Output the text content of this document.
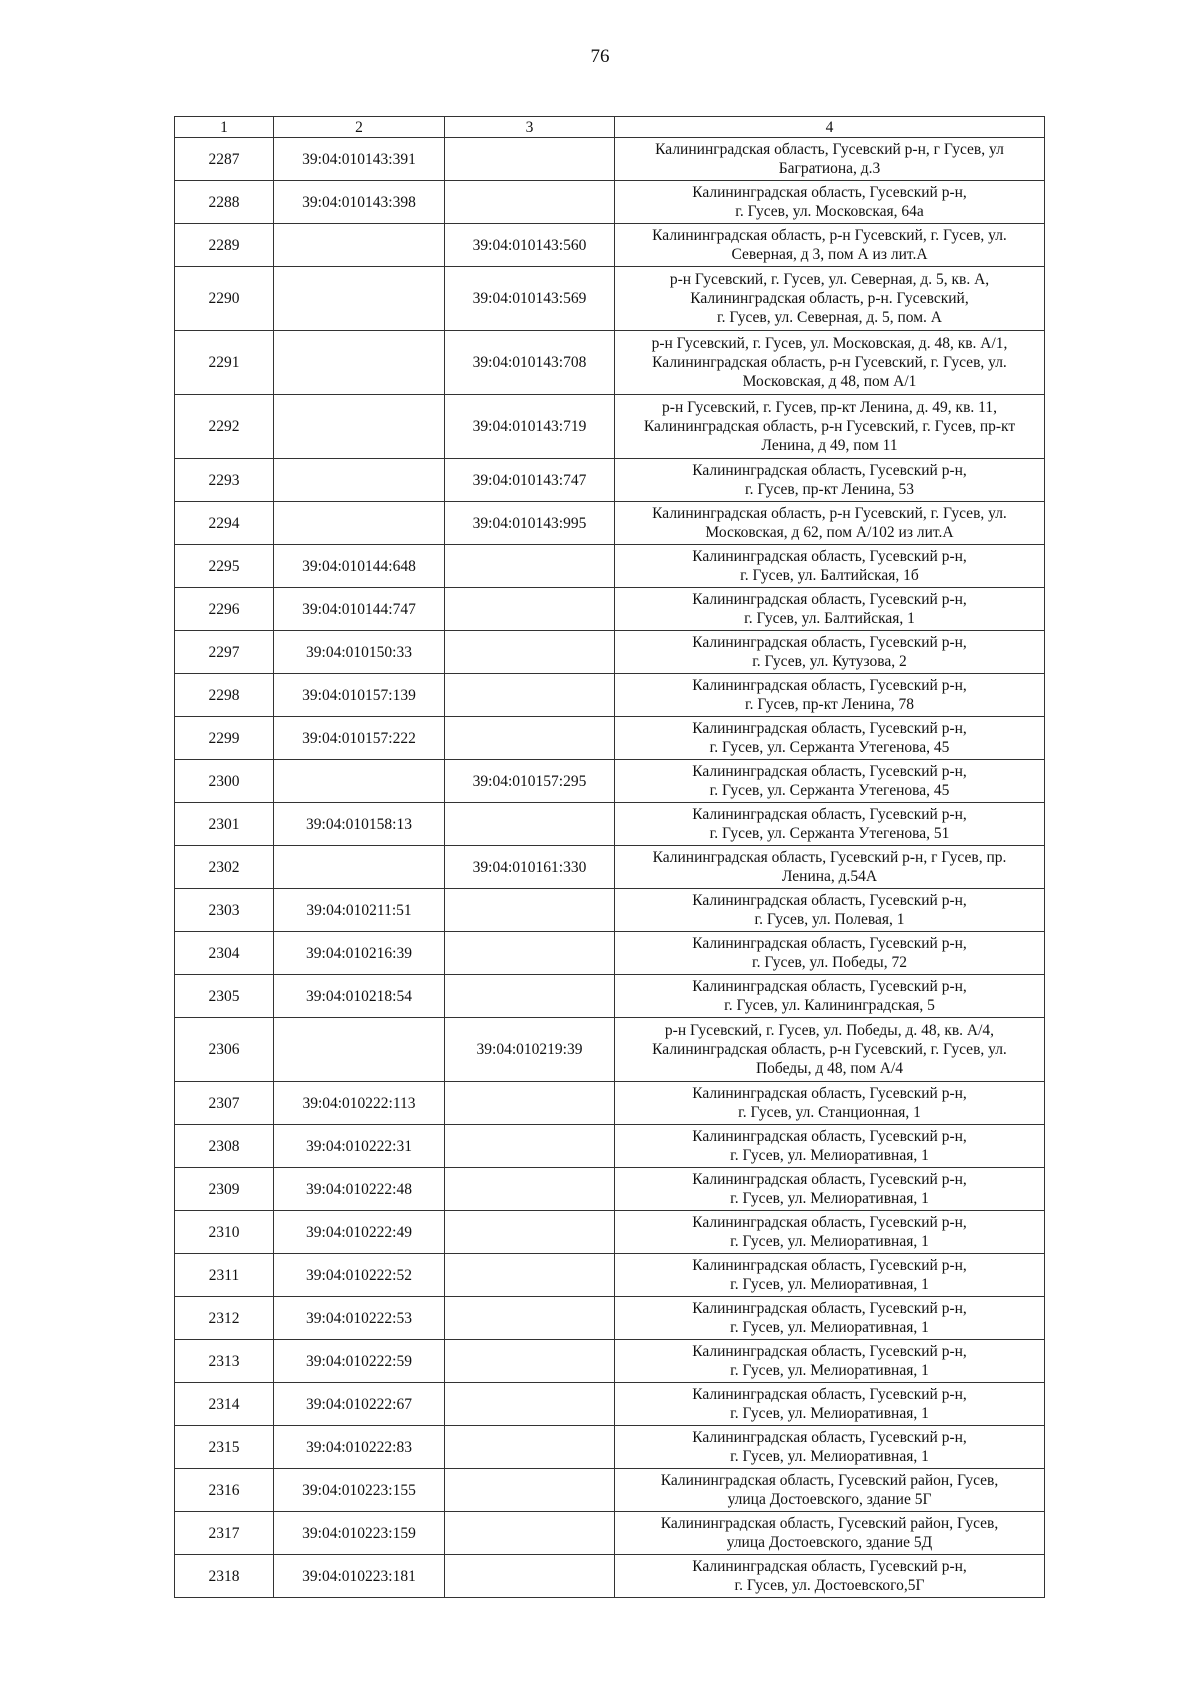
76
1	2	3	4
2287	39:04:010143:391		Калининградская область, Гусевский р-н, г Гусев, ул
Багратиона, д.3

2288	39:04:010143:398		Калининградская область, Гусевский р-н,
г. Гусев, ул. Московская, 64а

2289		39:04:010143:560	Калининградская область, р-н Гусевский, г. Гусев, ул.
Северная, д 3, пом А из лит.А

2290		39:04:010143:569	р-н Гусевский, г. Гусев, ул. Северная, д. 5, кв. А,
Калининградская область, р-н. Гусевский,
г. Гусев, ул. Северная, д. 5, пом. А

2291		39:04:010143:708	р-н Гусевский, г. Гусев, ул. Московская, д. 48, кв. А/1,
Калининградская область, р-н Гусевский, г. Гусев, ул.
Московская, д 48, пом А/1

2292		39:04:010143:719	р-н Гусевский, г. Гусев, пр-кт Ленина, д. 49, кв. 11,
Калининградская область, р-н Гусевский, г. Гусев, пр-кт
Ленина, д 49, пом 11

2293		39:04:010143:747	Калининградская область, Гусевский р-н,
г. Гусев, пр-кт Ленина, 53

2294		39:04:010143:995	Калининградская область, р-н Гусевский, г. Гусев, ул.
Московская, д 62, пом А/102 из лит.А

2295	39:04:010144:648		Калининградская область, Гусевский р-н,
г. Гусев, ул. Балтийская, 1б

2296	39:04:010144:747		Калининградская область, Гусевский р-н,
г. Гусев, ул. Балтийская, 1

2297	39:04:010150:33		Калининградская область, Гусевский р-н,
г. Гусев, ул. Кутузова, 2

2298	39:04:010157:139		Калининградская область, Гусевский р-н,
г. Гусев, пр-кт Ленина, 78

2299	39:04:010157:222		Калининградская область, Гусевский р-н,
г. Гусев, ул. Сержанта Утегенова, 45

2300		39:04:010157:295	Калининградская область, Гусевский р-н,
г. Гусев, ул. Сержанта Утегенова, 45

2301	39:04:010158:13		Калининградская область, Гусевский р-н,
г. Гусев, ул. Сержанта Утегенова, 51

2302		39:04:010161:330	Калининградская область, Гусевский р-н, г Гусев, пр.
Ленина, д.54А

2303	39:04:010211:51		Калининградская область, Гусевский р-н,
г. Гусев, ул. Полевая, 1

2304	39:04:010216:39		Калининградская область, Гусевский р-н,
г. Гусев, ул. Победы, 72

2305	39:04:010218:54		Калининградская область, Гусевский р-н,
г. Гусев, ул. Калининградская, 5

2306		39:04:010219:39	р-н Гусевский, г. Гусев, ул. Победы, д. 48, кв. А/4,
Калининградская область, р-н Гусевский, г. Гусев, ул.
Победы, д 48, пом А/4

2307	39:04:010222:113		Калининградская область, Гусевский р-н,
г. Гусев, ул. Станционная, 1

2308	39:04:010222:31		Калининградская область, Гусевский р-н,
г. Гусев, ул. Мелиоративная, 1

2309	39:04:010222:48		Калининградская область, Гусевский р-н,
г. Гусев, ул. Мелиоративная, 1

2310	39:04:010222:49		Калининградская область, Гусевский р-н,
г. Гусев, ул. Мелиоративная, 1

2311	39:04:010222:52		Калининградская область, Гусевский р-н,
г. Гусев, ул. Мелиоративная, 1

2312	39:04:010222:53		Калининградская область, Гусевский р-н,
г. Гусев, ул. Мелиоративная, 1

2313	39:04:010222:59		Калининградская область, Гусевский р-н,
г. Гусев, ул. Мелиоративная, 1

2314	39:04:010222:67		Калининградская область, Гусевский р-н,
г. Гусев, ул. Мелиоративная, 1

2315	39:04:010222:83		Калининградская область, Гусевский р-н,
г. Гусев, ул. Мелиоративная, 1

2316	39:04:010223:155		Калининградская область, Гусевский район, Гусев,
улица Достоевского, здание 5Г

2317	39:04:010223:159		Калининградская область, Гусевский район, Гусев,
улица Достоевского, здание 5Д

2318	39:04:010223:181		Калининградская область, Гусевский р-н,
г. Гусев, ул. Достоевского,5Г
